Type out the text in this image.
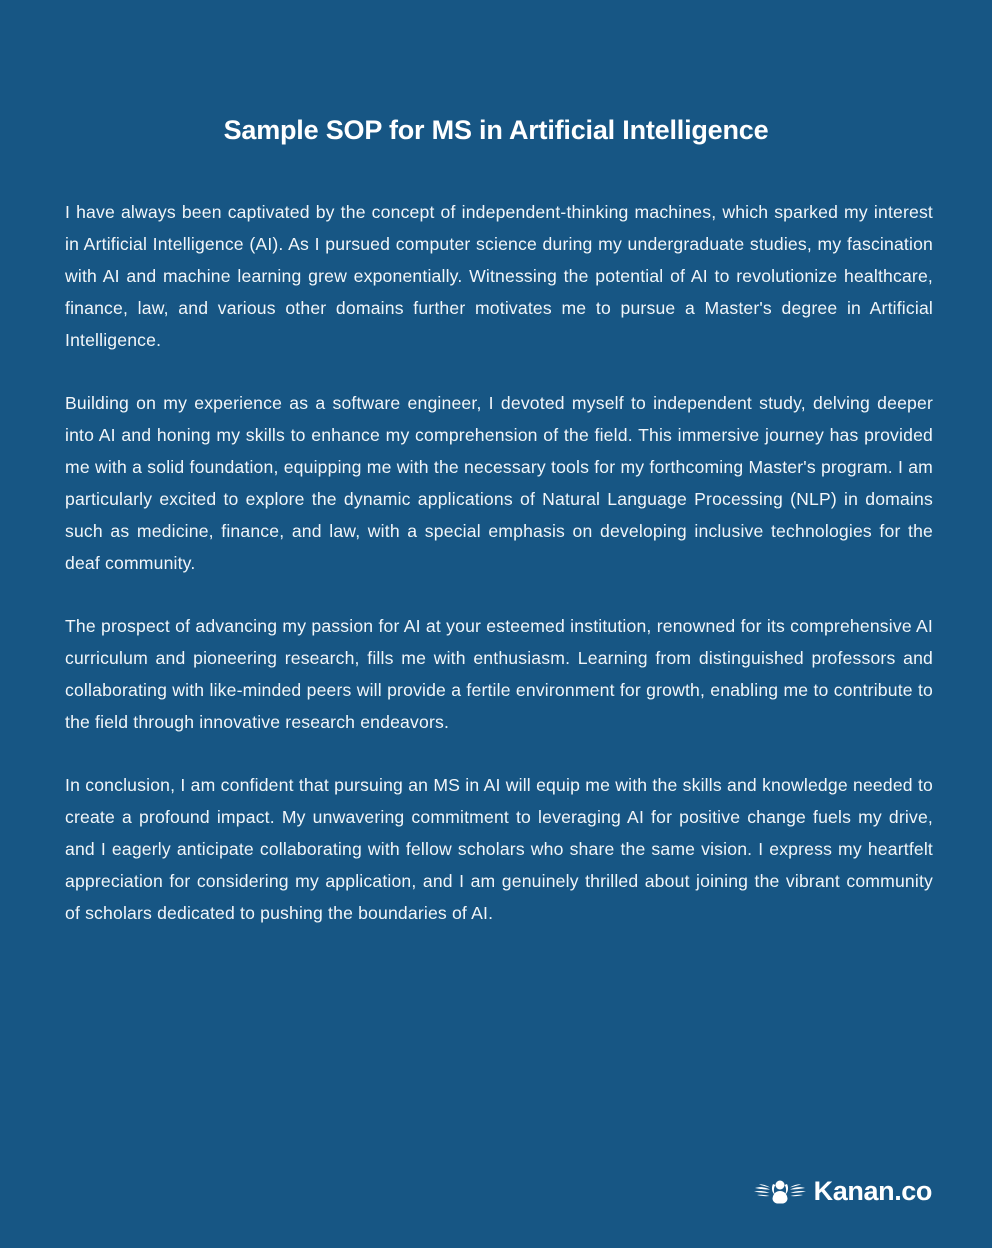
Sample SOP for MS in Artificial Intelligence

I have always been captivated by the concept of independent-thinking machines, which sparked my interest in Artificial Intelligence (AI). As I pursued computer science during my undergraduate studies, my fascination with AI and machine learning grew exponentially. Witnessing the potential of AI to revolutionize healthcare, finance, law, and various other domains further motivates me to pursue a Master's degree in Artificial Intelligence.

Building on my experience as a software engineer, I devoted myself to independent study, delving deeper into AI and honing my skills to enhance my comprehension of the field. This immersive journey has provided me with a solid foundation, equipping me with the necessary tools for my forthcoming Master's program. I am particularly excited to explore the dynamic applications of Natural Language Processing (NLP) in domains such as medicine, finance, and law, with a special emphasis on developing inclusive technologies for the deaf community.

The prospect of advancing my passion for AI at your esteemed institution, renowned for its comprehensive AI curriculum and pioneering research, fills me with enthusiasm. Learning from distinguished professors and collaborating with like-minded peers will provide a fertile environment for growth, enabling me to contribute to the field through innovative research endeavors.

In conclusion, I am confident that pursuing an MS in AI will equip me with the skills and knowledge needed to create a profound impact. My unwavering commitment to leveraging AI for positive change fuels my drive, and I eagerly anticipate collaborating with fellow scholars who share the same vision. I express my heartfelt appreciation for considering my application, and I am genuinely thrilled about joining the vibrant community of scholars dedicated to pushing the boundaries of AI.

Kanan.co
